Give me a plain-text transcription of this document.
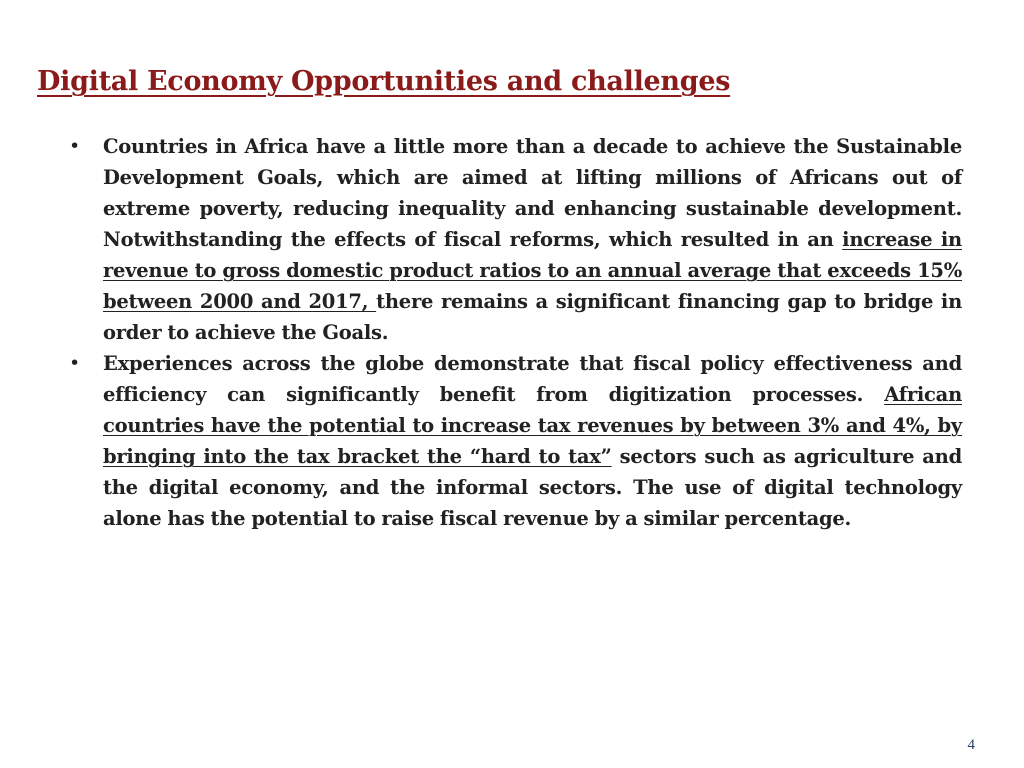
Digital Economy Opportunities and challenges
• Countries in Africa have a little more than a decade to achieve the Sustainable Development Goals, which are aimed at lifting millions of Africans out of extreme poverty, reducing inequality and enhancing sustainable development. Notwithstanding the effects of fiscal reforms, which resulted in an increase in revenue to gross domestic product ratios to an annual average that exceeds 15% between 2000 and 2017, there remains a significant financing gap to bridge in order to achieve the Goals.
• Experiences across the globe demonstrate that fiscal policy effectiveness and efficiency can significantly benefit from digitization processes. African countries have the potential to increase tax revenues by between 3% and 4%, by bringing into the tax bracket the “hard to tax” sectors such as agriculture and the digital economy, and the informal sectors. The use of digital technology alone has the potential to raise fiscal revenue by a similar percentage.
4
